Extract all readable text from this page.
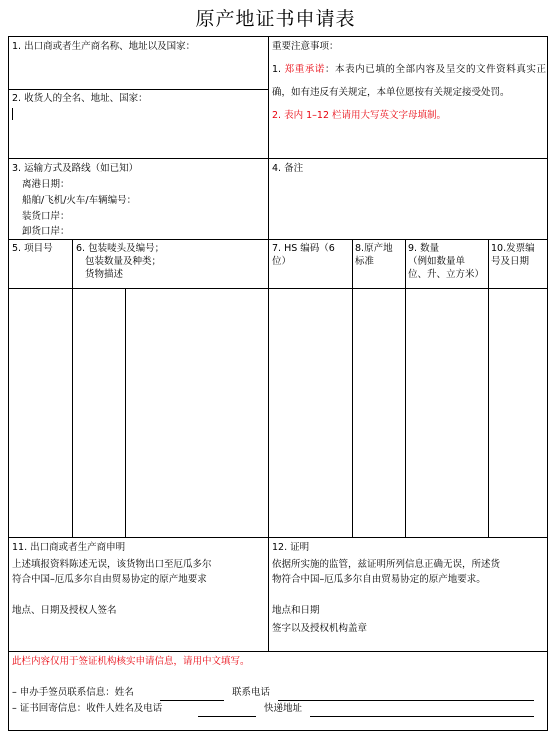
原产地证书申请表
1. 出口商或者生产商名称、地址以及国家：
2. 收货人的全名、地址、国家：
重要注意事项：

1. 郑重承诺：本表内已填的全部内容及呈交的文件资料真实正确，如有违反有关规定，本单位愿按有关规定接受处罚。

2. 表内 1–12 栏请用大写英文字母填制。

3. 运输方式及路线（如已知）
离港日期：
船舶/飞机/火车/车辆编号：
装货口岸：
卸货口岸：
4. 备注
5. 项目号 6. 包装唛头及编号；
包装数量及种类；
货物描述
7. HS 编码（6
位）
8.原产地
标准
9. 数量
（例如数量单
位、升、立方米）
10.发票编
号及日期
11. 出口商或者生产商申明
上述填报资料陈述无误，该货物出口至厄瓜多尔
符合中国–厄瓜多尔自由贸易协定的原产地要求
地点、日期及授权人签名
12. 证明
依据所实施的监管，兹证明所列信息正确无误，所述货
物符合中国–厄瓜多尔自由贸易协定的原产地要求。
地点和日期
签字以及授权机构盖章
此栏内容仅用于签证机构核实申请信息，请用中文填写。
– 申办手签员联系信息：姓名	联系电话
– 证书回寄信息：收件人姓名及电话	快递地址
